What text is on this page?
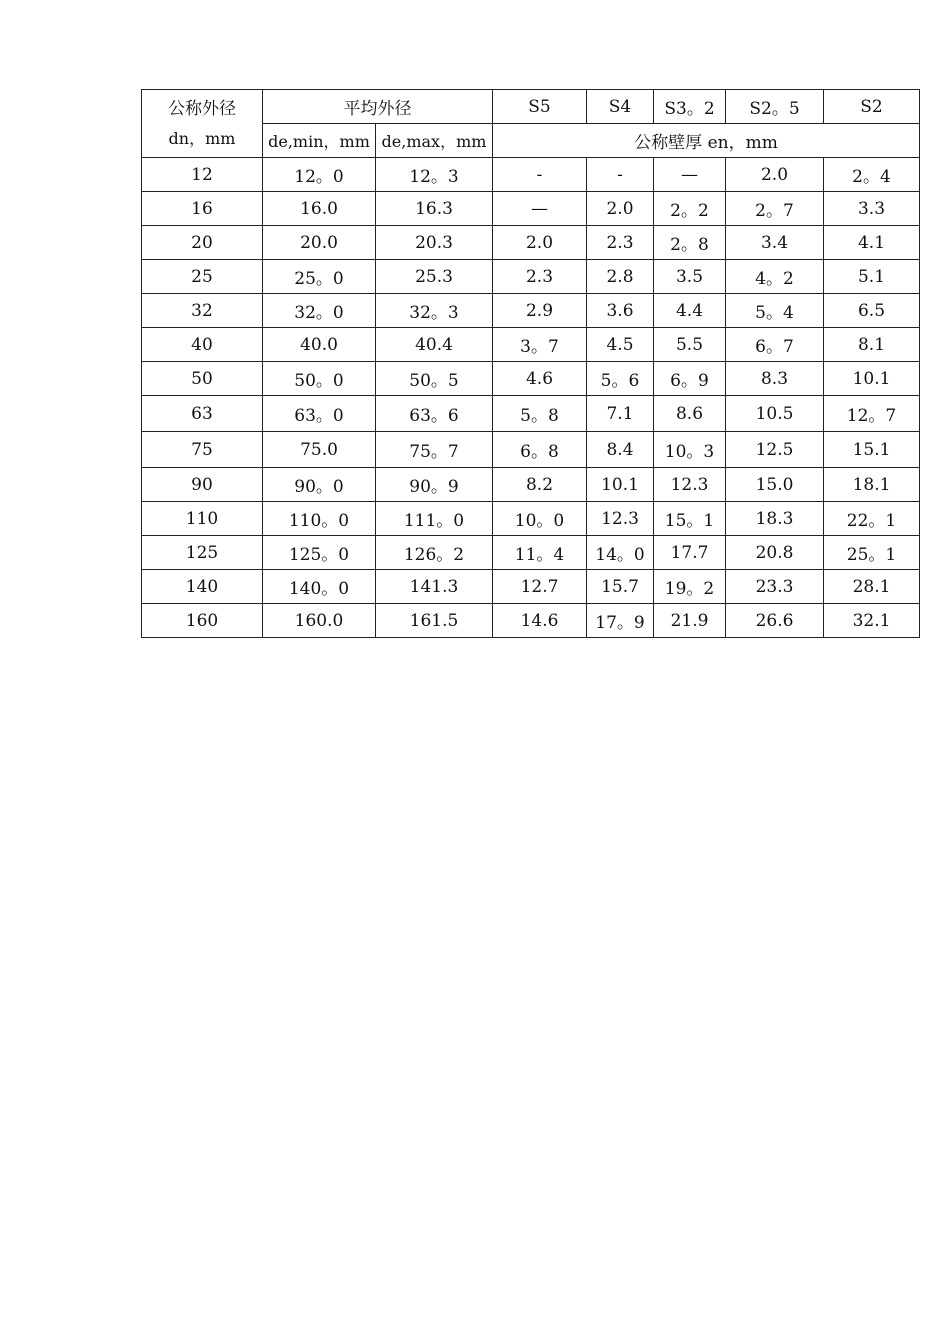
公称外径
dn，mm	平均外径		S5	S4	S3。2	S2。5	S2
	de,min，mm	de,max，mm	公称壁厚 en，mm				
12	12。0	12。3	-	-	—	2.0	2。4
16	16.0	16.3	—	2.0	2。2	2。7	3.3
20	20.0	20.3	2.0	2.3	2。8	3.4	4.1
25	25。0	25.3	2.3	2.8	3.5	4。2	5.1
32	32。0	32。3	2.9	3.6	4.4	5。4	6.5
40	40.0	40.4	3。7	4.5	5.5	6。7	8.1
50	50。0	50。5	4.6	5。6	6。9	8.3	10.1
63	63。0	63。6	5。8	7.1	8.6	10.5	12。7
75	75.0	75。7	6。8	8.4	10。3	12.5	15.1
90	90。0	90。9	8.2	10.1	12.3	15.0	18.1
110	110。0	111。0	10。0	12.3	15。1	18.3	22。1
125	125。0	126。2	11。4	14。0	17.7	20.8	25。1
140	140。0	141.3	12.7	15.7	19。2	23.3	28.1
160	160.0	161.5	14.6	17。9	21.9	26.6	32.1
